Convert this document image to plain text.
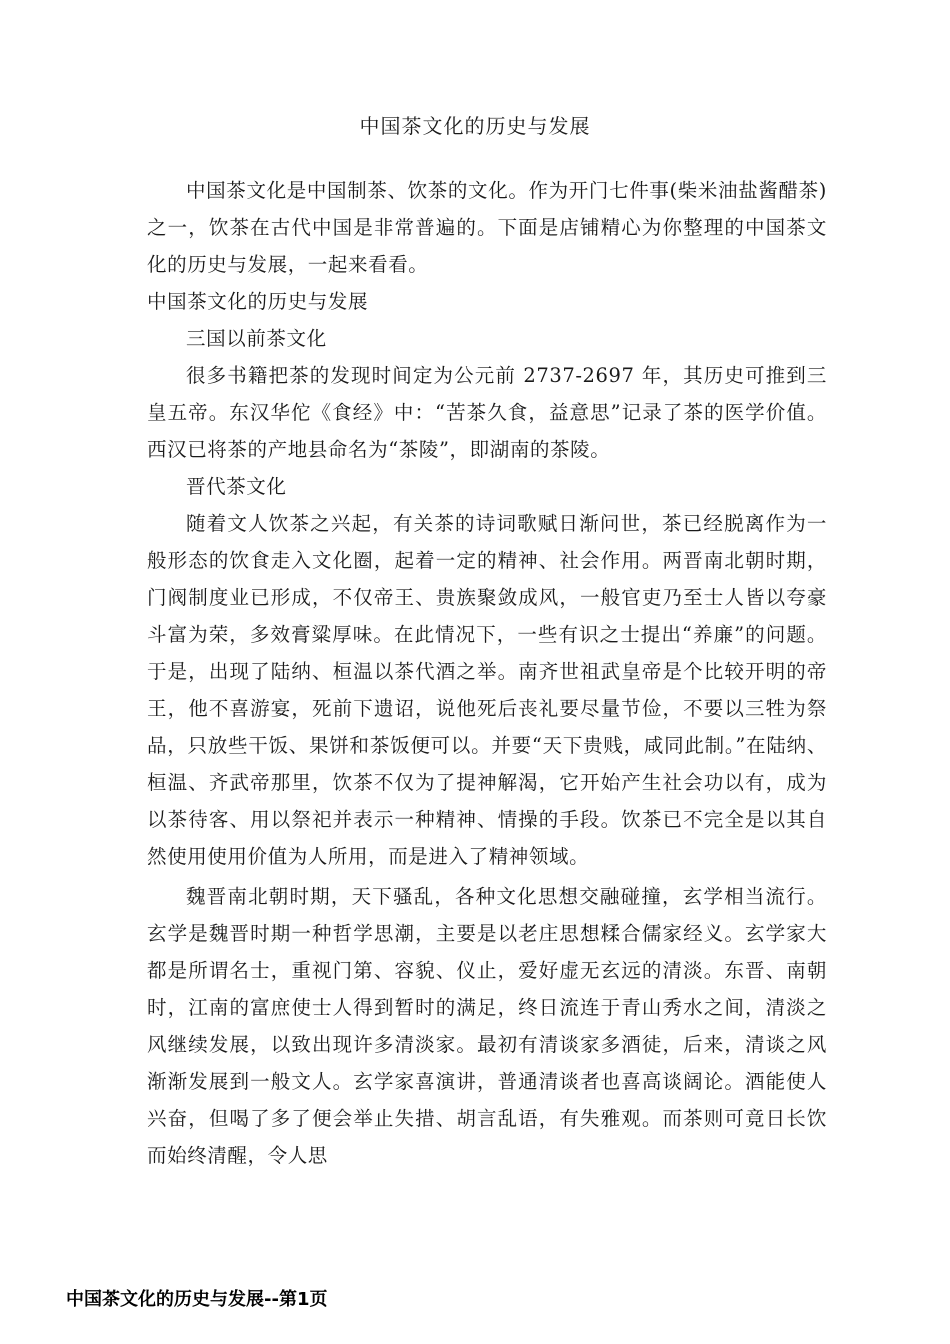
中国茶文化的历史与发展

中国茶文化是中国制茶、饮茶的文化。作为开门七件事(柴米油盐酱醋茶)之一，饮茶在古代中国是非常普遍的。下面是店铺精心为你整理的中国茶文化的历史与发展，一起来看看。

中国茶文化的历史与发展

三国以前茶文化

很多书籍把茶的发现时间定为公元前 2737-2697 年，其历史可推到三皇五帝。东汉华佗《食经》中：“苦茶久食，益意思”记录了茶的医学价值。西汉已将茶的产地县命名为“茶陵”，即湖南的茶陵。

晋代茶文化

随着文人饮茶之兴起，有关茶的诗词歌赋日渐问世，茶已经脱离作为一般形态的饮食走入文化圈，起着一定的精神、社会作用。两晋南北朝时期，门阀制度业已形成，不仅帝王、贵族聚敛成风，一般官吏乃至士人皆以夸豪斗富为荣，多效膏粱厚味。在此情况下，一些有识之士提出“养廉”的问题。于是，出现了陆纳、桓温以茶代酒之举。南齐世祖武皇帝是个比较开明的帝王，他不喜游宴，死前下遗诏，说他死后丧礼要尽量节俭，不要以三牲为祭品，只放些干饭、果饼和茶饭便可以。并要“天下贵贱，咸同此制。”在陆纳、桓温、齐武帝那里，饮茶不仅为了提神解渴，它开始产生社会功以有，成为以茶待客、用以祭祀并表示一种精神、情操的手段。饮茶已不完全是以其自然使用使用价值为人所用，而是进入了精神领域。

魏晋南北朝时期，天下骚乱，各种文化思想交融碰撞，玄学相当流行。玄学是魏晋时期一种哲学思潮，主要是以老庄思想糅合儒家经义。玄学家大都是所谓名士，重视门第、容貌、仪止，爱好虚无玄远的清淡。东晋、南朝时，江南的富庶使士人得到暂时的满足，终日流连于青山秀水之间，清淡之风继续发展，以致出现许多清淡家。最初有清谈家多酒徒，后来，清谈之风渐渐发展到一般文人。玄学家喜演讲，普通清谈者也喜高谈阔论。酒能使人兴奋，但喝了多了便会举止失措、胡言乱语，有失雅观。而茶则可竟日长饮而始终清醒，令人思

中国茶文化的历史与发展--第1页
